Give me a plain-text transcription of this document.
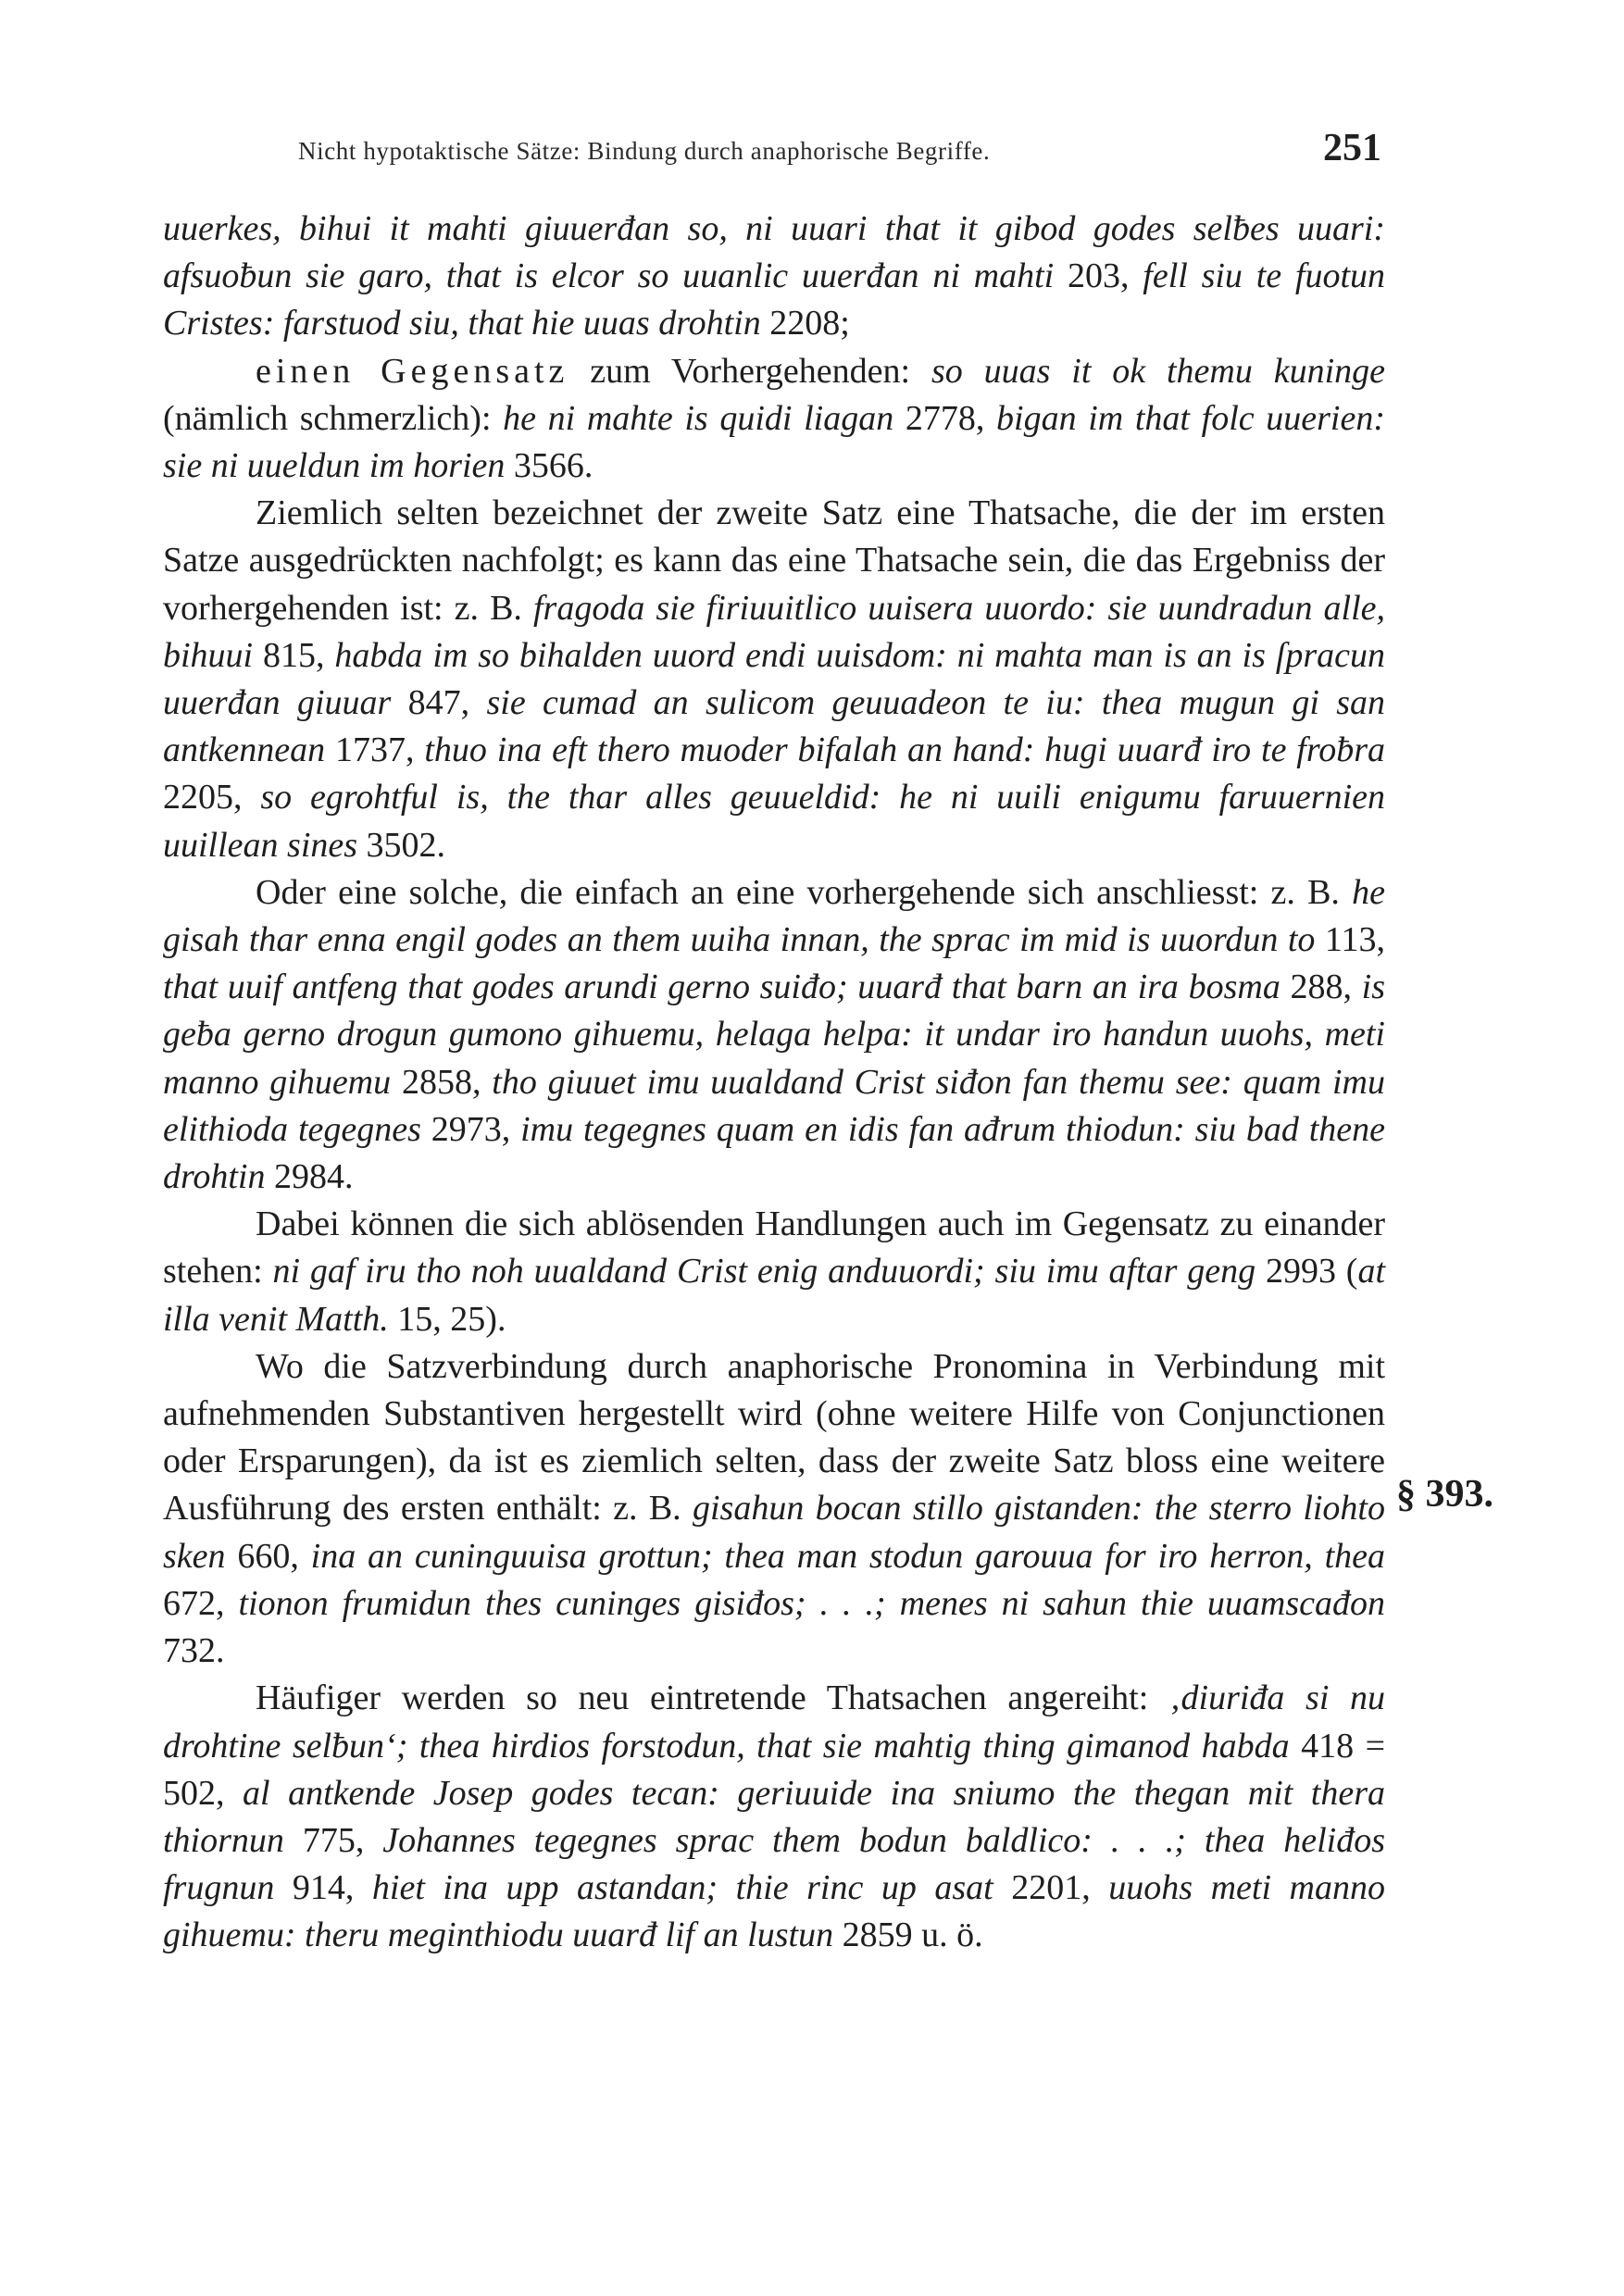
Nicht hypotaktische Sätze: Bindung durch anaphorische Begriffe.	251
§ 393.

uuerkes, bihui it mahti giuuerđan so, ni uuari that it gibod godes selƀes uuari: afsuoƀun sie garo, that is elcor so uuanlic uuerđan ni mahti 203, fell siu te fuotun Cristes: farstuod siu, that hie uuas drohtin 2208;

einen Gegensatz zum Vorhergehenden: so uuas it ok themu kuninge (nämlich schmerzlich): he ni mahte is quidi liagan 2778, bigan im that folc uuerien: sie ni uueldun im horien 3566.

Ziemlich selten bezeichnet der zweite Satz eine Thatsache, die der im ersten Satze ausgedrückten nachfolgt; es kann das eine Thatsache sein, die das Ergebniss der vorhergehenden ist: z. B. fragoda sie firiuuitlico uuisera uuordo: sie uundradun alle, bihuui 815, habda im so bihalden uuord endi uuisdom: ni mahta man is an is ſpracun uuerđan giuuar 847, sie cumad an sulicom geuuadeon te iu: thea mugun gi san antkennean 1737, thuo ina eft thero muoder bifalah an hand: hugi uuarđ iro te froƀra 2205, so egrohtful is, the thar alles geuueldid: he ni uuili enigumu faruuernien uuillean sines 3502.

Oder eine solche, die einfach an eine vorhergehende sich anschliesst: z. B. he gisah thar enna engil godes an them uuiha innan, the sprac im mid is uuordun to 113, that uuif antfeng that godes arundi gerno suiđo; uuarđ that barn an ira bosma 288, is geƀa gerno drogun gumono gihuemu, helaga helpa: it undar iro handun uuohs, meti manno gihuemu 2858, tho giuuet imu uualdand Crist siđon fan themu see: quam imu elithioda tegegnes 2973, imu tegegnes quam en idis fan ađrum thiodun: siu bad thene drohtin 2984.

Dabei können die sich ablösenden Handlungen auch im Gegensatz zu einander stehen: ni gaf iru tho noh uualdand Crist enig anduuordi; siu imu aftar geng 2993 (at illa venit Matth. 15, 25).

Wo die Satzverbindung durch anaphorische Pronomina in Verbindung mit aufnehmenden Substantiven hergestellt wird (ohne weitere Hilfe von Conjunctionen oder Ersparungen), da ist es ziemlich selten, dass der zweite Satz bloss eine weitere Ausführung des ersten enthält: z. B. gisahun bocan stillo gistanden: the sterro liohto sken 660, ina an cuninguuisa grottun; thea man stodun garouua for iro herron, thea 672, tionon frumidun thes cuninges gisiđos; . . .; menes ni sahun thie uuamscađon 732.

Häufiger werden so neu eintretende Thatsachen angereiht: ‚diuriđa si nu drohtine selƀun‘; thea hirdios forstodun, that sie mahtig thing gimanod habda 418 = 502, al antkende Josep godes tecan: geriuuide ina sniumo the thegan mit thera thiornun 775, Johannes tegegnes sprac them bodun baldlico: . . .; thea heliđos frugnun 914, hiet ina upp astandan; thie rinc up asat 2201, uuohs meti manno gihuemu: theru meginthiodu uuarđ lif an lustun 2859 u. ö.
